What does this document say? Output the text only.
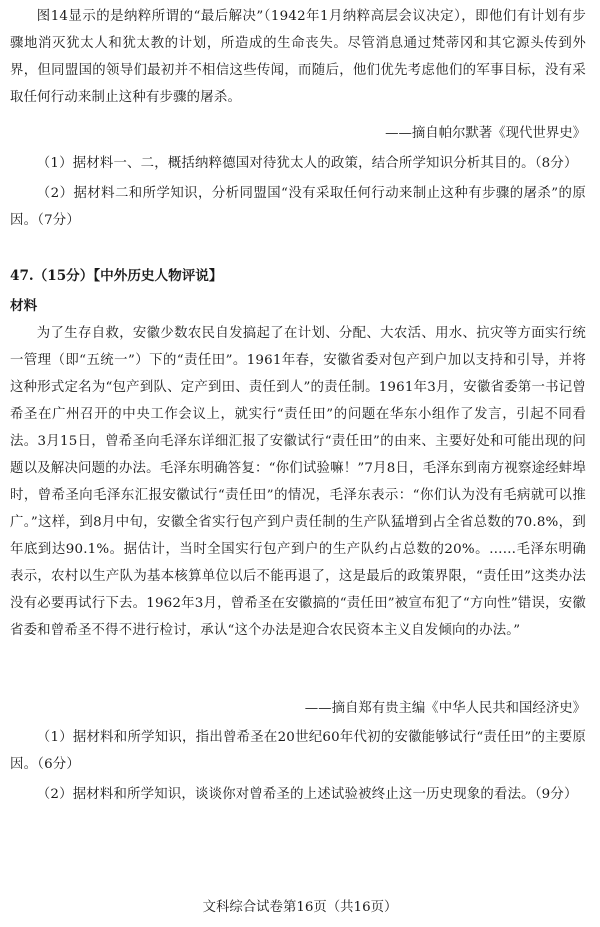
图14显示的是纳粹所谓的“最后解决”（1942年1月纳粹高层会议决定），即他们有计划有步骤地消灭犹太人和犹太教的计划，所造成的生命丧失。尽管消息通过梵蒂冈和其它源头传到外界，但同盟国的领导们最初并不相信这些传闻，而随后，他们优先考虑他们的军事目标，没有采取任何行动来制止这种有步骤的屠杀。

——摘自帕尔默著《现代世界史》

（1）据材料一、二，概括纳粹德国对待犹太人的政策，结合所学知识分析其目的。（8分）

（2）据材料二和所学知识，分析同盟国“没有采取任何行动来制止这种有步骤的屠杀”的原因。（7分）

47.（15分）【中外历史人物评说】
材料

为了生存自救，安徽少数农民自发搞起了在计划、分配、大农活、用水、抗灾等方面实行统一管理（即“五统一”）下的“责任田”。1961年春，安徽省委对包产到户加以支持和引导，并将这种形式定名为“包产到队、定产到田、责任到人”的责任制。1961年3月，安徽省委第一书记曾希圣在广州召开的中央工作会议上，就实行“责任田”的问题在华东小组作了发言，引起不同看法。3月15日，曾希圣向毛泽东详细汇报了安徽试行“责任田”的由来、主要好处和可能出现的问题以及解决问题的办法。毛泽东明确答复：“你们试验嘛！”7月8日，毛泽东到南方视察途经蚌埠时，曾希圣向毛泽东汇报安徽试行“责任田”的情况，毛泽东表示：“你们认为没有毛病就可以推广。”这样，到8月中旬，安徽全省实行包产到户责任制的生产队猛增到占全省总数的70.8%，到年底到达90.1%。据估计，当时全国实行包产到户的生产队约占总数的20%。……毛泽东明确表示，农村以生产队为基本核算单位以后不能再退了，这是最后的政策界限，“责任田”这类办法没有必要再试行下去。1962年3月，曾希圣在安徽搞的“责任田”被宣布犯了“方向性”错误，安徽省委和曾希圣不得不进行检讨，承认“这个办法是迎合农民资本主义自发倾向的办法。”

——摘自郑有贵主编《中华人民共和国经济史》

（1）据材料和所学知识，指出曾希圣在20世纪60年代初的安徽能够试行“责任田”的主要原因。（6分）

（2）据材料和所学知识，谈谈你对曾希圣的上述试验被终止这一历史现象的看法。（9分）

文科综合试卷第16页（共16页）
